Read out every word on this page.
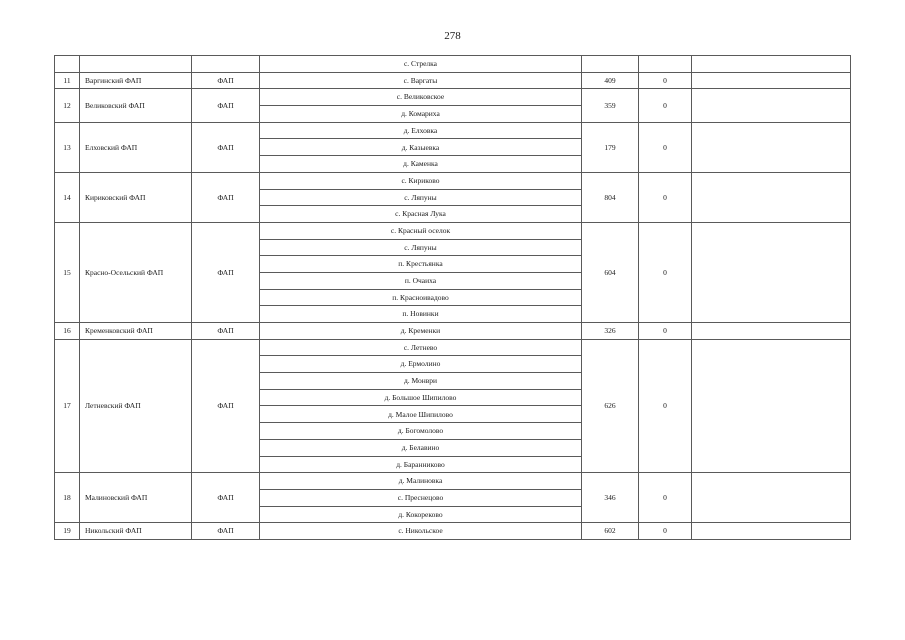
278
			с. Стрелка			
11	Варгинский ФАП	ФАП	с. Варгаты	409	0	
12	Великовский ФАП	ФАП	с. Великовское	359	0	
			д. Комариха			
13	Елховский ФАП	ФАП	д. Елховка	179	0	
			д. Казыевка			
			д. Каменка			
14	Кириковский ФАП	ФАП	с. Кириково	804	0	
			с. Ляпуны			
			с. Красная Лука			
15	Красно-Осельский ФАП	ФАП	с. Красный оселок	604	0	
			с. Ляпуны			
			п. Крестьянка			
			п. Очаиха			
			п. Красноивадово			
			п. Новинки			
16	Кременковский ФАП	ФАП	д. Кременки	326	0	
17	Летневский ФАП	ФАП	с. Летнево	626	0	
			д. Ермолино			
			д. Монври			
			д. Большое Шипилово			
			д. Малое Шипилово			
			д. Богомолово			
			д. Белавино			
			д. Баранниково			
18	Малиновский ФАП	ФАП	д. Малиновка	346	0	
			с. Преснецово			
			д. Кокореково			
19	Никольский ФАП	ФАП	с. Никольское	602	0	
